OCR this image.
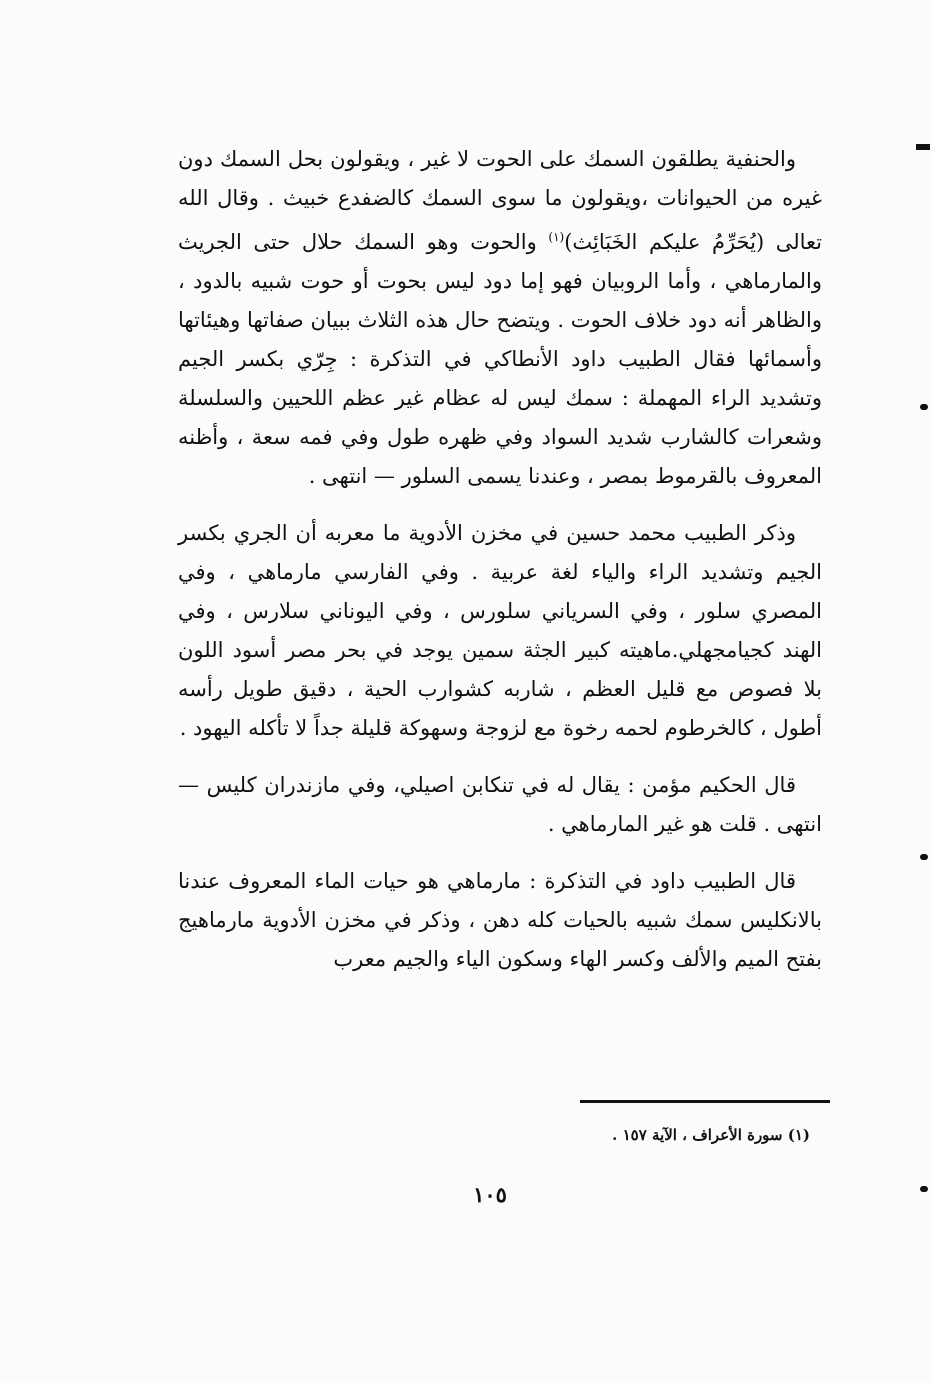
والحنفية يطلقون السمك على الحوت لا غير ، ويقولون بحل السمك دون غيره من الحيوانات ،ويقولون ما سوى السمك كالضفدع خبيث . وقال الله تعالى (يُحَرِّمُ عليكم الخَبَائِث)$^{(١)}$ والحوت وهو السمك حلال حتى الجريث والمارماهي ، وأما الروبيان فهو إما دود ليس بحوت أو حوت شبيه بالدود ، والظاهر أنه دود خلاف الحوت . ويتضح حال هذه الثلاث ببيان صفاتها وهيئاتها وأسمائها فقال الطبيب داود الأنطاكي في التذكرة : جِرّي بكسر الجيم وتشديد الراء المهملة : سمك ليس له عظام غير عظم اللحيين والسلسلة وشعرات كالشارب شديد السواد وفي ظهره طول وفي فمه سعة ، وأظنه المعروف بالقرموط بمصر ، وعندنا يسمى السلور — انتهى .

وذكر الطبيب محمد حسين في مخزن الأدوية ما معربه أن الجري بكسر الجيم وتشديد الراء والياء لغة عربية . وفي الفارسي مارماهي ، وفي المصري سلور ، وفي السرياني سلورس ، وفي اليوناني سلارس ، وفي الهند كجيامجهلي.ماهيته كبير الجثة سمين يوجد في بحر مصر أسود اللون بلا فصوص مع قليل العظم ، شاربه كشوارب الحية ، دقيق طويل رأسه أطول ، كالخرطوم لحمه رخوة مع لزوجة وسهوكة قليلة جداً لا تأكله اليهود .

قال الحكيم مؤمن : يقال له في تنكابن اصيلي، وفي مازندران كليس — انتهى . قلت هو غير المارماهي .

قال الطبيب داود في التذكرة : مارماهي هو حيات الماء المعروف عندنا بالانكليس سمك شبيه بالحيات كله دهن ، وذكر في مخزن الأدوية مارماهيج بفتح الميم والألف وكسر الهاء وسكون الياء والجيم معرب

(١) سورة الأعراف ، الآية ١٥٧ .
١٠٥
